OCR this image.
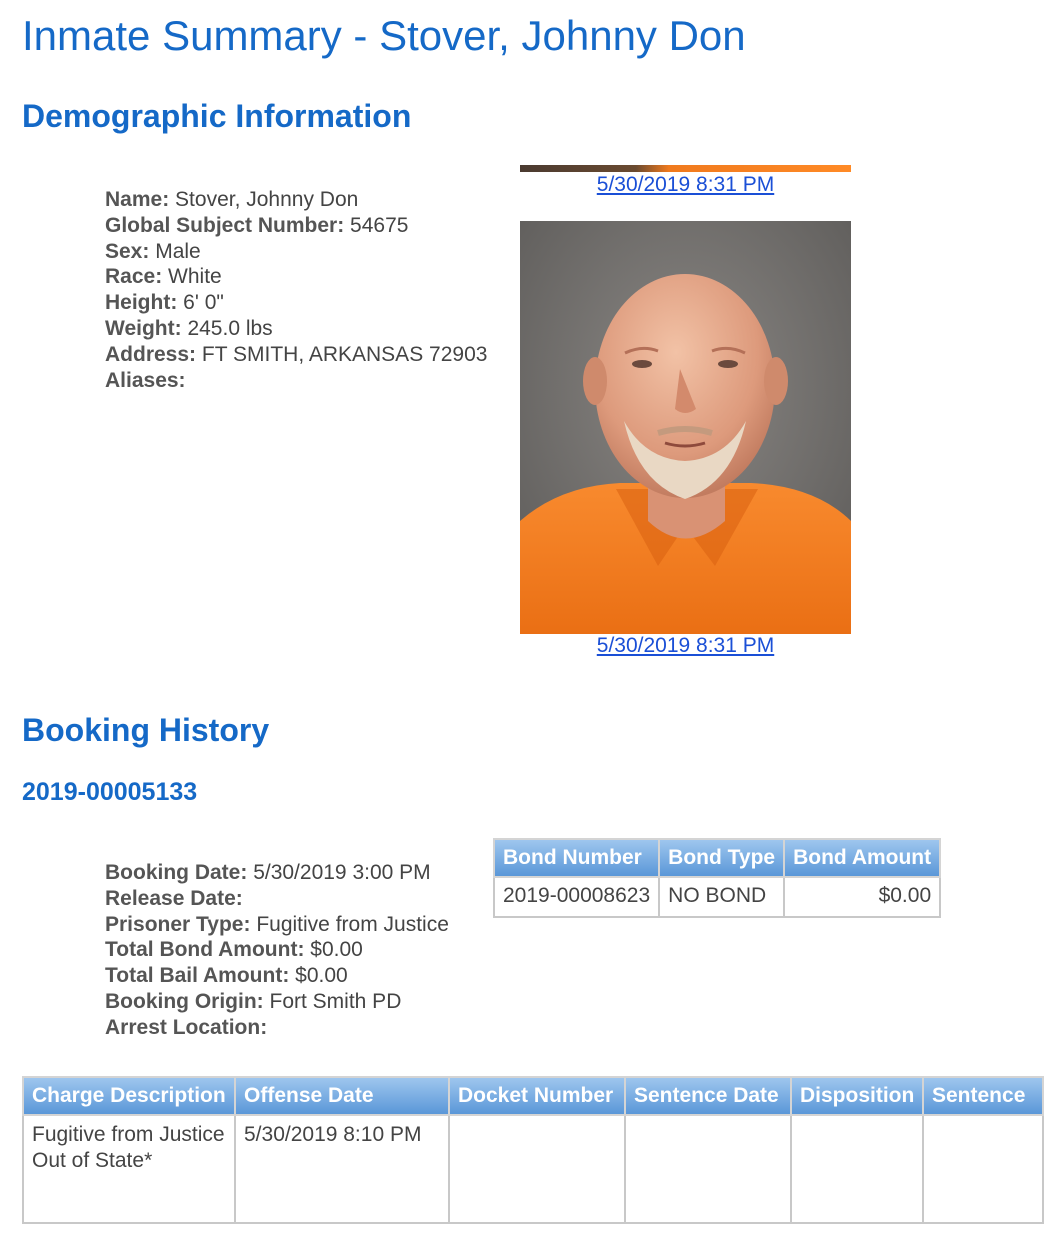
Inmate Summary - Stover, Johnny Don
Demographic Information
Name: Stover, Johnny Don
Global Subject Number: 54675
Sex: Male
Race: White
Height: 6' 0"
Weight: 245.0 lbs
Address: FT SMITH, ARKANSAS 72903
Aliases:
5/30/2019 8:31 PM
5/30/2019 8:31 PM
Booking History
2019-00005133
Booking Date: 5/30/2019 3:00 PM
Release Date:
Prisoner Type: Fugitive from Justice
Total Bond Amount: $0.00
Total Bail Amount: $0.00
Booking Origin: Fort Smith PD
Arrest Location:
Bond Number	Bond Type	Bond Amount
2019-00008623	NO BOND	$0.00
Charge Description	Offense Date	Docket Number	Sentence Date	Disposition	Sentence
Fugitive from Justice Out of State*	5/30/2019 8:10 PM				
